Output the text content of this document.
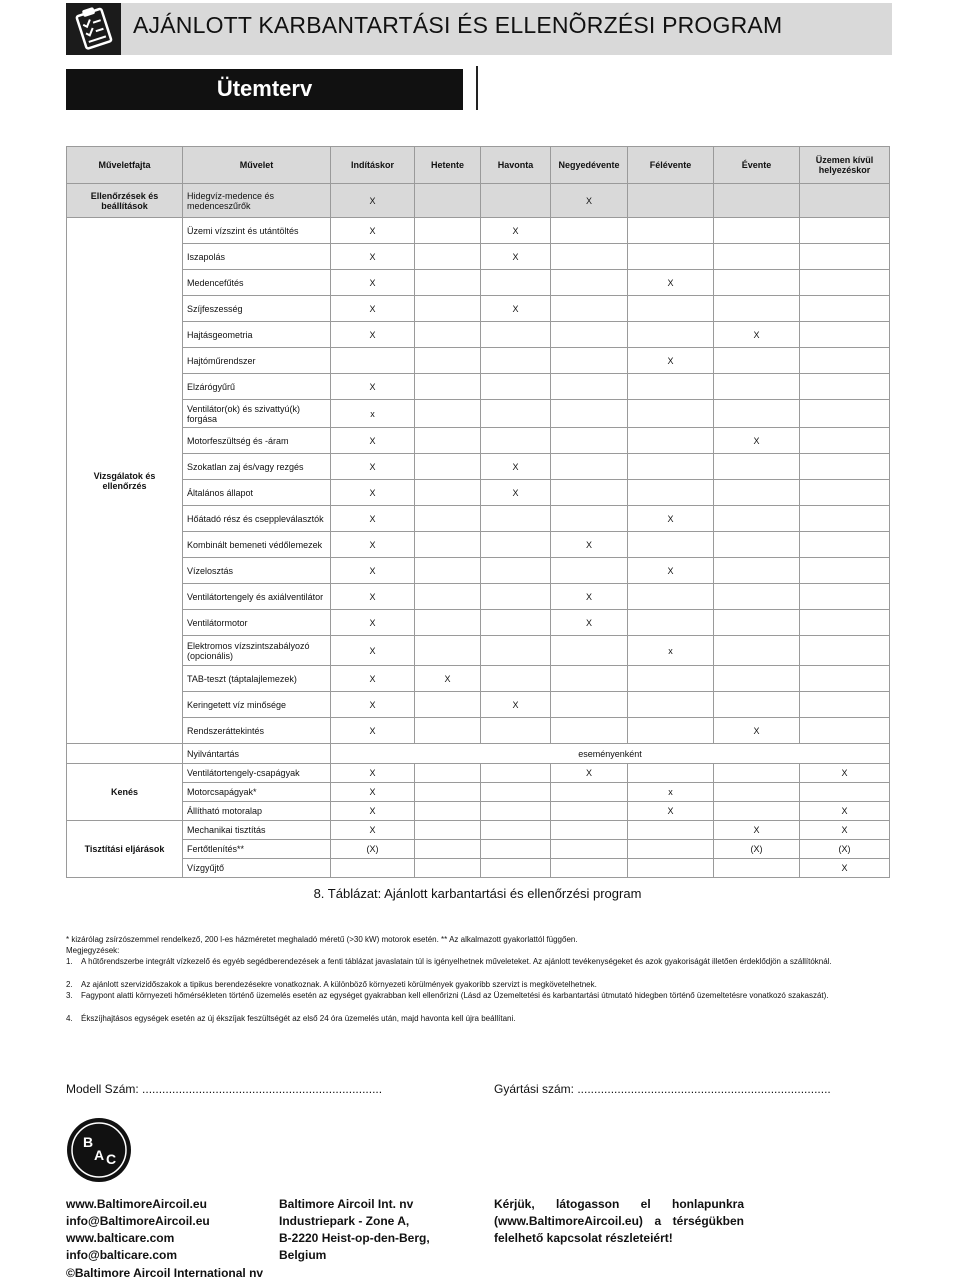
AJÁNLOTT KARBANTARTÁSI ÉS ELLENÕRZÉSI PROGRAM
Ütemterv
Műveletfajta	Művelet	Indításkor	Hetente	Havonta	Negyedévente	Félévente	Évente	Üzemen kívül helyezéskor
Ellenőrzések és beállítások	Hidegvíz-medence és medenceszűrők	X			X			
Vizsgálatok és ellenőrzés	Üzemi vízszint és utántöltés	X		X				
	Iszapolás	X		X				
	Medencefűtés	X				X		
	Szíjfeszesség	X		X				
	Hajtásgeometria	X					X	
	Hajtóműrendszer					X		
	Elzárógyűrű	X						
	Ventilátor(ok) és szivattyú(k) forgása	x						
	Motorfeszültség és -áram	X					X	
	Szokatlan zaj és/vagy rezgés	X		X				
	Általános állapot	X		X				
	Hőátadó rész és cseppleválasztók	X				X		
	Kombinált bemeneti védőlemezek	X			X			
	Vízelosztás	X				X		
	Ventilátortengely és axiálventilátor	X			X			
	Ventilátormotor	X			X			
	Elektromos vízszintszabályozó (opcionális)	X				x		
	TAB-teszt (táptalajlemezek)	X	X					
	Keringetett víz minősége	X		X				
	Rendszeráttekintés	X					X	
	Nyilvántartás	eseményenként						
Kenés	Ventilátortengely-csapágyak	X			X			X
	Motorcsapágyak*	X				x		
	Állítható motoralap	X				X		X
Tisztítási eljárások	Mechanikai tisztítás	X					X	X
	Fertőtlenítés**	(X)					(X)	(X)
	Vízgyűjtő							X
8. Táblázat: Ajánlott karbantartási és ellenőrzési program
* kizárólag zsírzószemmel rendelkező, 200 l-es házméretet meghaladó méretű (>30 kW) motorok esetén. ** Az alkalmazott gyakorlattól függően.
Megjegyzések:
1. A hűtőrendszerbe integrált vízkezelő és egyéb segédberendezések a fenti táblázat javaslatain túl is igényelhetnek műveleteket. Az ajánlott tevékenységeket és azok gyakoriságát illetően érdeklődjön a szállítóknál.
2. Az ajánlott szervizidőszakok a tipikus berendezésekre vonatkoznak. A különböző környezeti körülmények gyakoribb szervizt is megkövetelhetnek.
3. Fagypont alatti környezeti hőmérsékleten történő üzemelés esetén az egységet gyakrabban kell ellenőrizni (Lásd az Üzemeltetési és karbantartási útmutató hidegben történő üzemeltetésre vonatkozó szakaszát).
4. Ékszíjhajtásos egységek esetén az új ékszíjak feszültségét az első 24 óra üzemelés után, majd havonta kell újra beállítani.
Modell Szám: ........................................................................	Gyártási szám: ............................................................................
B
A C
www.BaltimoreAircoil.eu
info@BaltimoreAircoil.eu
www.balticare.com
info@balticare.com
Baltimore Aircoil Int. nv
Industriepark - Zone A,
B-2220 Heist-op-den-Berg,
Belgium
Kérjük, látogasson el honlapunkra
(www.BaltimoreAircoil.eu) a térségükben
felelhető kapcsolat részleteiért!
©Baltimore Aircoil International nv
